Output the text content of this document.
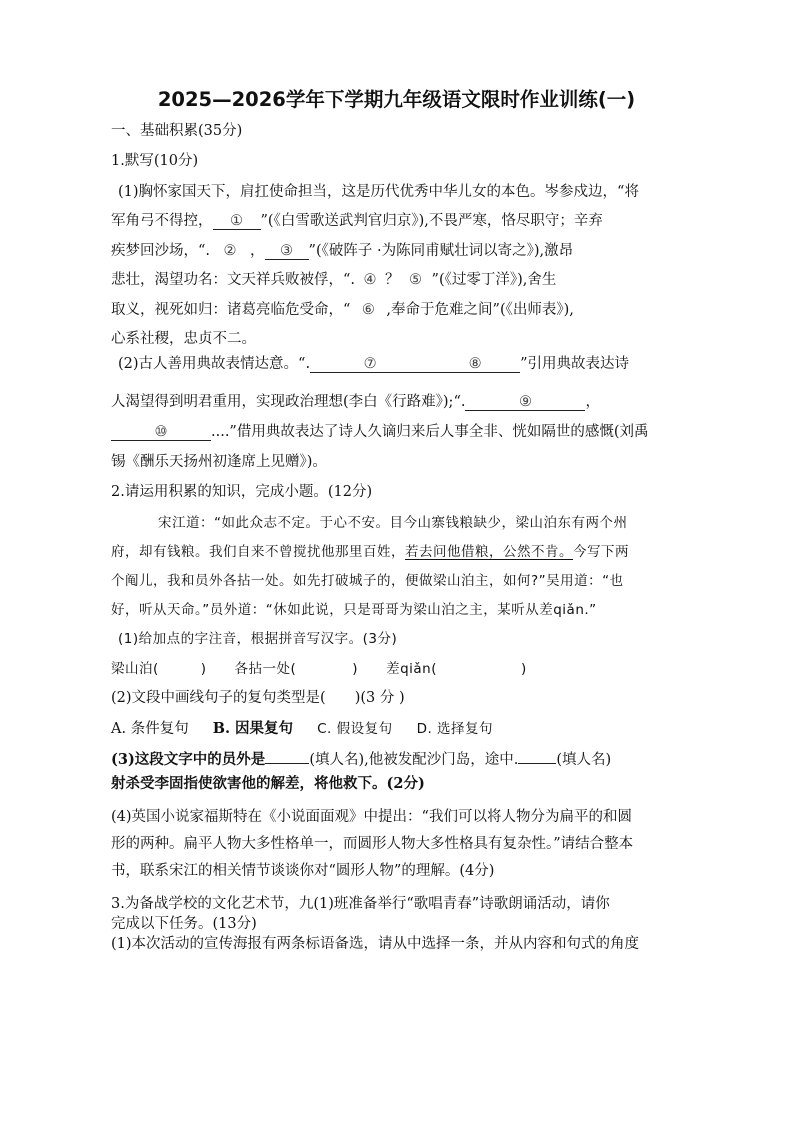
2025—2026学年下学期九年级语文限时作业训练(一)
一、基础积累(35分)
1.默写(10分)
(1)胸怀家国天下，肩扛使命担当，这是历代优秀中华儿女的本色。岑参戍边，“将
军角弓不得控， ① ”(《白雪歌送武判官归京》),不畏严寒，恪尽职守；辛弃
疾梦回沙场，“. ② ， ③ ”(《破阵子 ·为陈同甫赋壮词以寄之》),激昂
悲壮，渴望功名：文天祥兵败被俘，“. ④ ？ ⑤ ”(《过零丁洋》),舍生
取义，视死如归：诸葛亮临危受命，“ ⑥ ,奉命于危难之间”(《出师表》),
心系社稷，忠贞不二。
(2)古人善用典故表情达意。“.	⑦	⑧	”引用典故表达诗
人渴望得到明君重用，实现政治理想(李白《行路难》);“.	⑨	，
⑩	....”借用典故表达了诗人久谪归来后人事全非、恍如隔世的感慨(刘禹
锡《酬乐天扬州初逢席上见赠》)。
2.请运用积累的知识，完成小题。(12分)
宋江道：“如此众志不定。于心不安。目今山寨钱粮缺少，梁山泊东有两个州
府，却有钱粮。我们自来不曾搅扰他那里百姓，若去问他借粮，公然不肯。今写下两
个阄儿，我和员外各拈一处。如先打破城子的，便做梁山泊主，如何?”吴用道：“也
好，听从天命。”员外道：“休如此说，只是哥哥为梁山泊之主，某听从差qiǎn.”
(1)给加点的字注音，根据拼音写汉字。(3分)
梁山泊(　　　)　　各拈一处(　　　　)　　差qiǎn(　　　　　　)
(2)文段中画线句子的复句类型是(　　)(3 分 )
A. 条件复句 B. 因果复句 C. 假设复句 D. 选择复句
(3)这段文字中的员外是	(填人名),他被发配沙门岛，途中.	(填人名)
射杀受李固指使欲害他的解差，将他救下。(2分)
(4)英国小说家福斯特在《小说面面观》中提出：“我们可以将人物分为扁平的和圆
形的两种。扁平人物大多性格单一，而圆形人物大多性格具有复杂性。”请结合整本
书，联系宋江的相关情节谈谈你对“圆形人物”的理解。(4分)
3.为备战学校的文化艺术节，九(1)班准备举行“歌唱青春”诗歌朗诵活动，请你
完成以下任务。(13分)
(1)本次活动的宣传海报有两条标语备选，请从中选择一条，并从内容和句式的角度
